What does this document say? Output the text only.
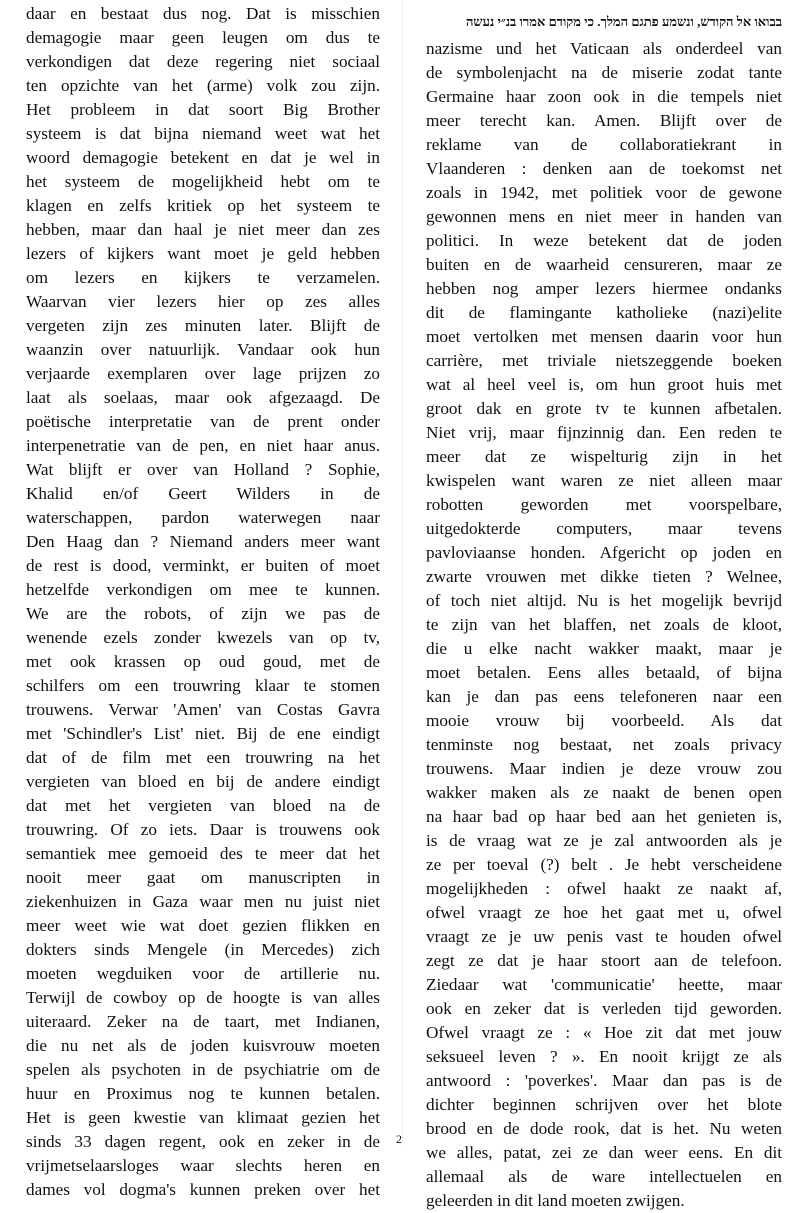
בבואו אל הקודש, ונשמע פתגם המלך. כי מקודם אמרו בנ״י נעשה
daar en bestaat dus nog. Dat is misschien
demagogie maar geen leugen om dus te
verkondigen dat deze regering niet sociaal
ten opzichte van het (arme) volk zou zijn.
Het probleem in dat soort Big Brother
systeem is dat bijna niemand weet wat het
woord demagogie betekent en dat je wel in
het systeem de mogelijkheid hebt om te
klagen en zelfs kritiek op het systeem te
hebben, maar dan haal je niet meer dan zes
lezers of kijkers want moet je geld hebben
om lezers en kijkers te verzamelen.
Waarvan vier lezers hier op zes alles
vergeten zijn zes minuten later. Blijft de
waanzin over natuurlijk. Vandaar ook hun
verjaarde exemplaren over lage prijzen zo
laat als soelaas, maar ook afgezaagd. De
poëtische interpretatie van de prent onder
interpenetratie van de pen, en niet haar anus.
Wat blijft er over van Holland ? Sophie,
Khalid en/of Geert Wilders in de
waterschappen, pardon waterwegen naar
Den Haag dan ? Niemand anders meer want
de rest is dood, verminkt, er buiten of moet
hetzelfde verkondigen om mee te kunnen.
We are the robots, of zijn we pas de
wenende ezels zonder kwezels van op tv,
met ook krassen op oud goud, met de
schilfers om een trouwring klaar te stomen
trouwens. Verwar 'Amen' van Costas Gavra
met 'Schindler's List' niet. Bij de ene eindigt
dat of de film met een trouwring na het
vergieten van bloed en bij de andere eindigt
dat met het vergieten van bloed na de
trouwring. Of zo iets. Daar is trouwens ook
semantiek mee gemoeid des te meer dat het
nooit meer gaat om manuscripten in
ziekenhuizen in Gaza waar men nu juist niet
meer weet wie wat doet gezien flikken en
dokters sinds Mengele (in Mercedes) zich
moeten wegduiken voor de artillerie nu.
Terwijl de cowboy op de hoogte is van alles
uiteraard. Zeker na de taart, met Indianen,
die nu net als de joden kuisvrouw moeten
spelen als psychoten in de psychiatrie om de
huur en Proximus nog te kunnen betalen.
Het is geen kwestie van klimaat gezien het
sinds 33 dagen regent, ook en zeker in de
vrijmetselaarsloges waar slechts heren en
dames vol dogma's kunnen preken over het
nazisme und het Vaticaan als onderdeel van
de symbolenjacht na de miserie zodat tante
Germaine haar zoon ook in die tempels niet
meer terecht kan. Amen. Blijft over de
reklame van de collaboratiekrant in
Vlaanderen : denken aan de toekomst net
zoals in 1942, met politiek voor de gewone
gewonnen mens en niet meer in handen van
politici. In weze betekent dat de joden
buiten en de waarheid censureren, maar ze
hebben nog amper lezers hiermee ondanks
dit de flamingante katholieke (nazi)elite
moet vertolken met mensen daarin voor hun
carrière, met triviale nietszeggende boeken
wat al heel veel is, om hun groot huis met
groot dak en grote tv te kunnen afbetalen.
Niet vrij, maar fijnzinnig dan. Een reden te
meer dat ze wispelturig zijn in het
kwispelen want waren ze niet alleen maar
robotten geworden met voorspelbare,
uitgedokterde computers, maar tevens
pavloviaanse honden. Afgericht op joden en
zwarte vrouwen met dikke tieten ? Welnee,
of toch niet altijd. Nu is het mogelijk bevrijd
te zijn van het blaffen, net zoals de kloot,
die u elke nacht wakker maakt, maar je
moet betalen. Eens alles betaald, of bijna
kan je dan pas eens telefoneren naar een
mooie vrouw bij voorbeeld. Als dat
tenminste nog bestaat, net zoals privacy
trouwens. Maar indien je deze vrouw zou
wakker maken als ze naakt de benen open
na haar bad op haar bed aan het genieten is,
is de vraag wat ze je zal antwoorden als je
ze per toeval (?) belt . Je hebt verscheidene
mogelijkheden : ofwel haakt ze naakt af,
ofwel vraagt ze hoe het gaat met u, ofwel
vraagt ze je uw penis vast te houden ofwel
zegt ze dat je haar stoort aan de telefoon.
Ziedaar wat 'communicatie' heette, maar
ook en zeker dat is verleden tijd geworden.
Ofwel vraagt ze : « Hoe zit dat met jouw
seksueel leven ? ». En nooit krijgt ze als
antwoord : 'poverkes'. Maar dan pas is de
dichter beginnen schrijven over het blote
brood en de dode rook, dat is het. Nu weten
we alles, patat, zei ze dan weer eens. En dit
allemaal als de ware intellectuelen en
geleerden in dit land moeten zwijgen.
2
